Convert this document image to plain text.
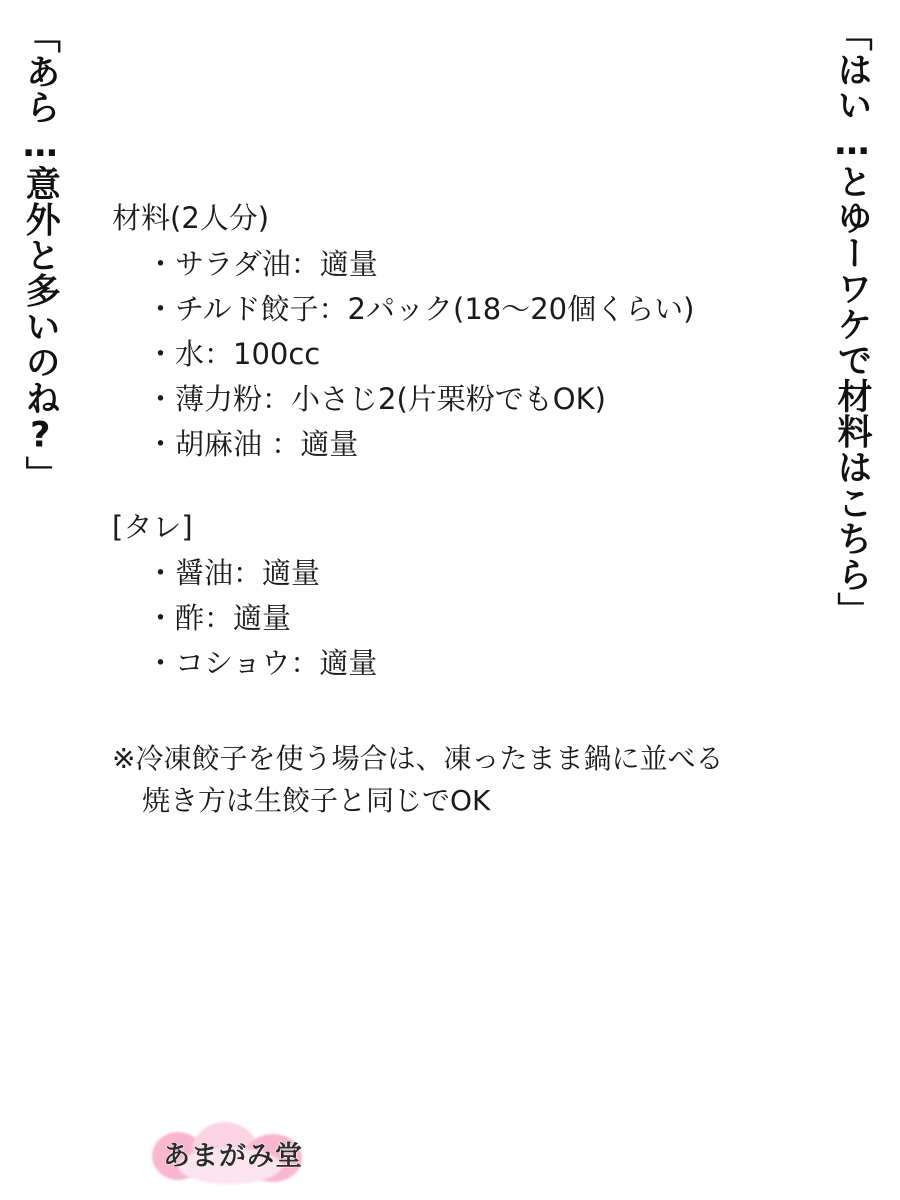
「はい…とゆーワケで材料はこちら」
「あら…意外と多いのね?」 材料(2人分)
・サラダ油：適量
・チルド餃子：2パック(18〜20個くらい)
・水：100cc
・薄力粉：小さじ2(片栗粉でもOK)
・胡麻油 ：適量
[タレ]
・醤油：適量
・酢：適量
・コショウ：適量
※冷凍餃子を使う場合は、凍ったまま鍋に並べる
焼き方は生餃子と同じでOK
あまがみ堂
